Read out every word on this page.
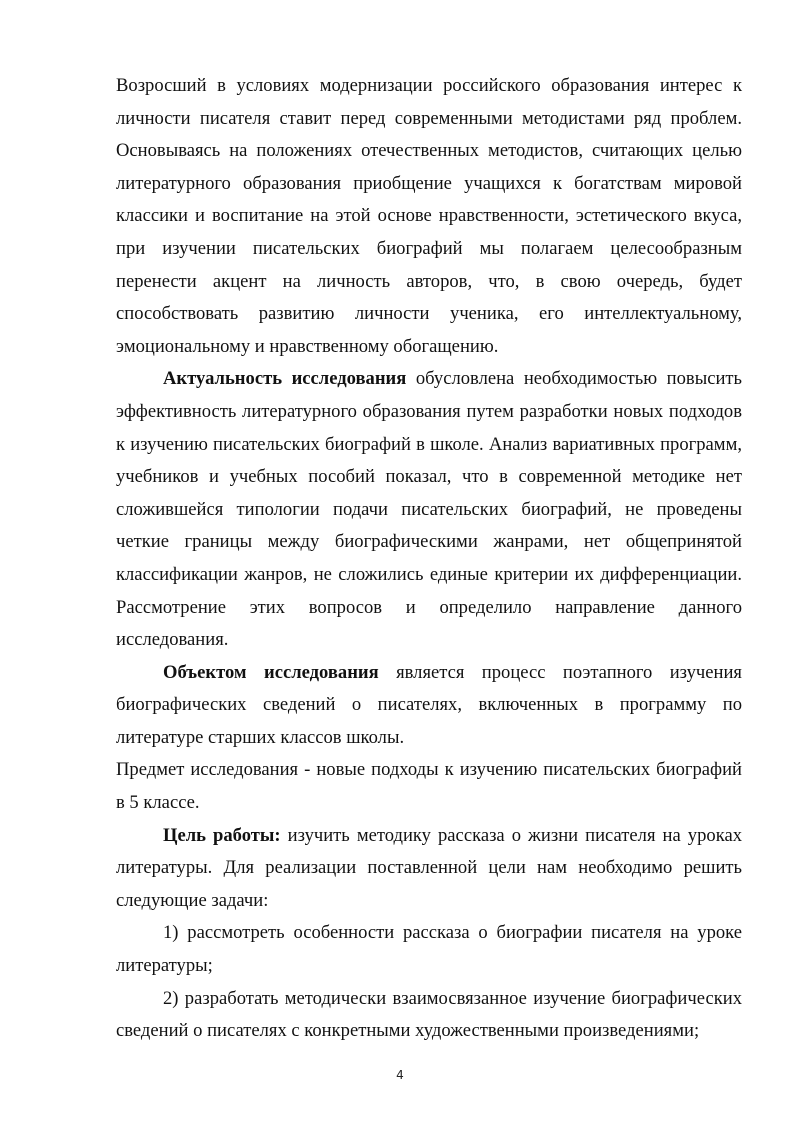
Возросший в условиях модернизации российского образования интерес к личности писателя ставит перед современными методистами ряд проблем. Основываясь на положениях отечественных методистов, считающих целью литературного образования приобщение учащихся к богатствам мировой классики и воспитание на этой основе нравственности, эстетического вкуса, при изучении писательских биографий мы полагаем целесообразным перенести акцент на личность авторов, что, в свою очередь, будет способствовать развитию личности ученика, его интеллектуальному, эмоциональному и нравственному обогащению.

Актуальность исследования обусловлена необходимостью повысить эффективность литературного образования путем разработки новых подходов к изучению писательских биографий в школе. Анализ вариативных программ, учебников и учебных пособий показал, что в современной методике нет сложившейся типологии подачи писательских биографий, не проведены четкие границы между биографическими жанрами, нет общепринятой классификации жанров, не сложились единые критерии их дифференциации. Рассмотрение этих вопросов и определило направление данного исследования.

Объектом исследования является процесс поэтапного изучения биографических сведений о писателях, включенных в программу по литературе старших классов школы.

Предмет исследования - новые подходы к изучению писательских биографий в 5 классе.

Цель работы: изучить методику рассказа о жизни писателя на уроках литературы. Для реализации поставленной цели нам необходимо решить следующие задачи:

1) рассмотреть особенности рассказа о биографии писателя на уроке литературы;

2) разработать методически взаимосвязанное изучение биографических сведений о писателях с конкретными художественными произведениями;

4
